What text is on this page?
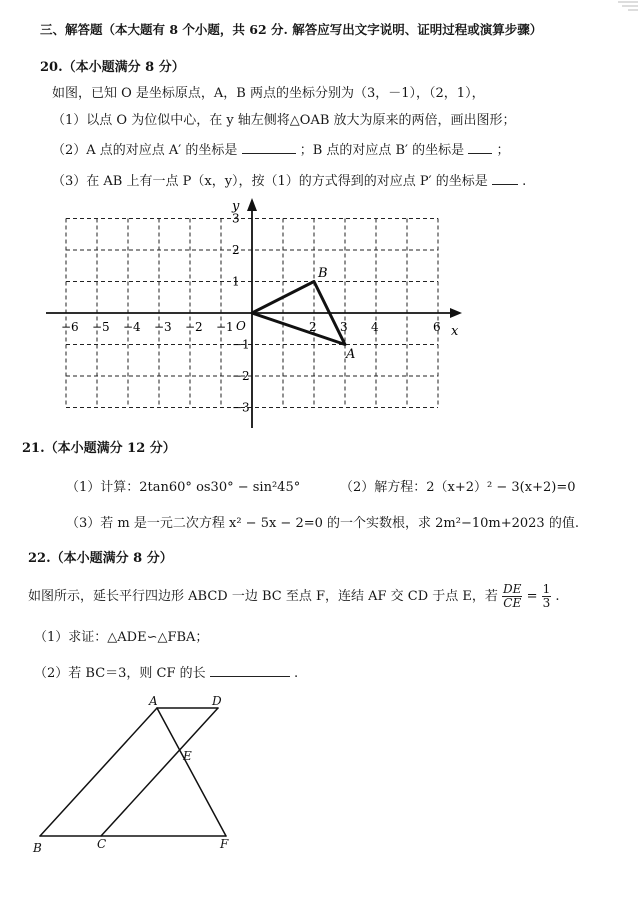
三、解答题（本大题有 8 个小题，共 62 分. 解答应写出文字说明、证明过程或演算步骤）
20.（本小题满分 8 分）
如图，已知 O 是坐标原点，A，B 两点的坐标分别为（3，－1），（2，1），
（1）以点 O 为位似中心，在 y 轴左侧将△OAB 放大为原来的两倍，画出图形；
（2）A 点的对应点 A′ 的坐标是	；B 点的对应点 B′ 的坐标是 ；
（3）在 AB 上有一点 P（x，y），按（1）的方式得到的对应点 P′ 的坐标是	.
−6 −5 −4 −3 −2 −1	2 3 4	6
3
2
1
−1
−2
−3
x
y
O
B
A
21.（本小题满分 12 分）
（1）计算：2tan60° os30° − sin²45°	（2）解方程：2（x+2）² − 3(x+2)=0
（3）若 m 是一元二次方程 x² − 5x − 2=0 的一个实数根，求 2m²−10m+2023 的值.
22.（本小题满分 8 分）
如图所示，延长平行四边形 ABCD 一边 BC 至点 F，连结 AF 交 CD 于点 E，若 $\frac{DE}{CE} = \frac{1}{3}$ .
（1）求证：△ADE∽△FBA；
（2）若 BC＝3，则 CF 的长	.
A	D
E
B	C	F
